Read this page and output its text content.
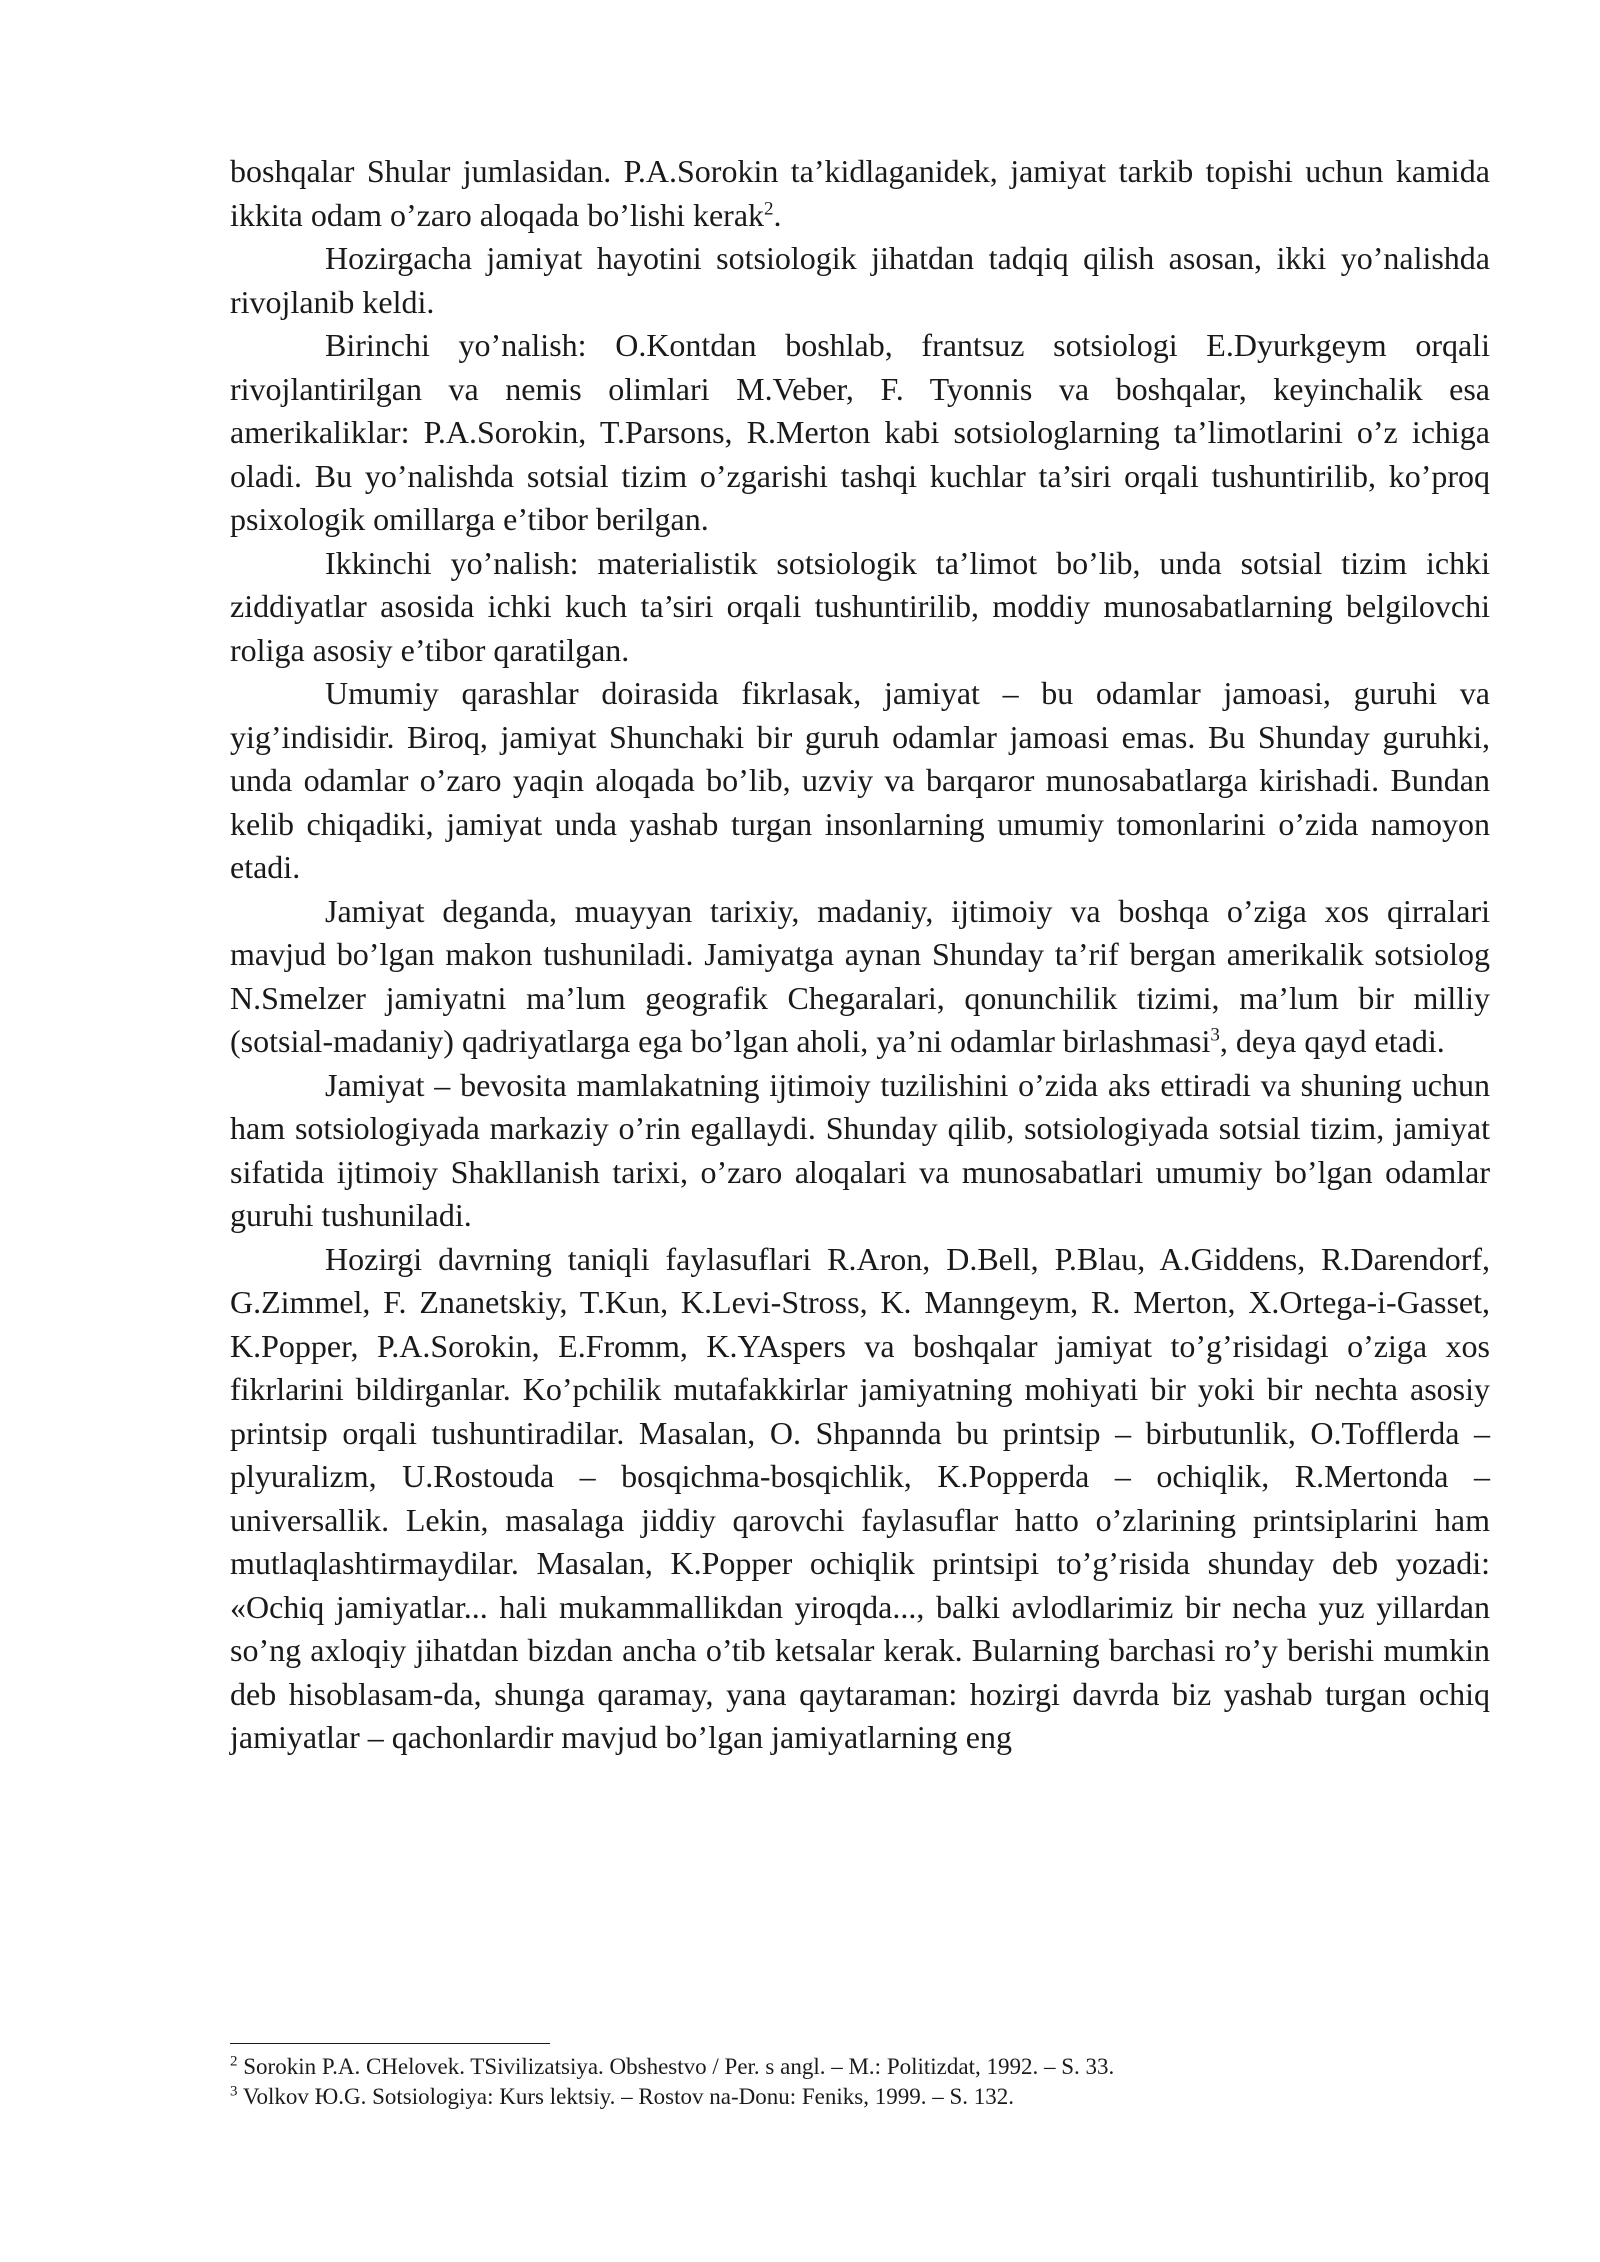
boshqalar Shular jumlasidan. P.A.Sorokin ta’kidlaganidek, jamiyat tarkib topishi uchun kamida ikkita odam o’zaro aloqada bo’lishi kerak$^2$.

Hozirgacha jamiyat hayotini sotsiologik jihatdan tadqiq qilish asosan, ikki yo’nalishda rivojlanib keldi.

Birinchi yo’nalish: O.Kontdan boshlab, frantsuz sotsiologi E.Dyurkgeym orqali rivojlantirilgan va nemis olimlari M.Veber, F. Tyonnis va boshqalar, keyinchalik esa amerikaliklar: P.A.Sorokin, T.Parsons, R.Merton kabi sotsiologlarning ta’limotlarini o’z ichiga oladi. Bu yo’nalishda sotsial tizim o’zgarishi tashqi kuchlar ta’siri orqali tushuntirilib, ko’proq psixologik omillarga e’tibor berilgan.

Ikkinchi yo’nalish: materialistik sotsiologik ta’limot bo’lib, unda sotsial tizim ichki ziddiyatlar asosida ichki kuch ta’siri orqali tushuntirilib, moddiy munosabatlarning belgilovchi roliga asosiy e’tibor qaratilgan.

Umumiy qarashlar doirasida fikrlasak, jamiyat – bu odamlar jamoasi, guruhi va yig’indisidir. Biroq, jamiyat Shunchaki bir guruh odamlar jamoasi emas. Bu Shunday guruhki, unda odamlar o’zaro yaqin aloqada bo’lib, uzviy va barqaror munosabatlarga kirishadi. Bundan kelib chiqadiki, jamiyat unda yashab turgan insonlarning umumiy tomonlarini o’zida namoyon etadi.

Jamiyat deganda, muayyan tarixiy, madaniy, ijtimoiy va boshqa o’ziga xos qirralari mavjud bo’lgan makon tushuniladi. Jamiyatga aynan Shunday ta’rif bergan amerikalik sotsiolog N.Smelzer jamiyatni ma’lum geografik Chegaralari, qonunchilik tizimi, ma’lum bir milliy (sotsial-madaniy) qadriyatlarga ega bo’lgan aholi, ya’ni odamlar birlashmasi$^3$, deya qayd etadi.

Jamiyat – bevosita mamlakatning ijtimoiy tuzilishini o’zida aks ettiradi va shuning uchun ham sotsiologiyada markaziy o’rin egallaydi. Shunday qilib, sotsiologiyada sotsial tizim, jamiyat sifatida ijtimoiy Shakllanish tarixi, o’zaro aloqalari va munosabatlari umumiy bo’lgan odamlar guruhi tushuniladi.

Hozirgi davrning taniqli faylasuflari R.Aron, D.Bell, P.Blau, A.Giddens, R.Darendorf, G.Zimmel, F. Znanetskiy, T.Kun, K.Levi-Stross, K. Manngeym, R. Merton, X.Ortega-i-Gasset, K.Popper, P.A.Sorokin, E.Fromm, K.YAspers va boshqalar jamiyat to’g’risidagi o’ziga xos fikrlarini bildirganlar. Ko’pchilik mutafakkirlar jamiyatning mohiyati bir yoki bir nechta asosiy printsip orqali tushuntiradilar. Masalan, O. Shpannda bu printsip – birbutunlik, O.Tofflerda – plyuralizm, U.Rostouda – bosqichma-bosqichlik, K.Popperda – ochiqlik, R.Mertonda – universallik. Lekin, masalaga jiddiy qarovchi faylasuflar hatto o’zlarining printsiplarini ham mutlaqlashtirmaydilar. Masalan, K.Popper ochiqlik printsipi to’g’risida shunday deb yozadi: «Ochiq jamiyatlar... hali mukammallikdan yiroqda..., balki avlodlarimiz bir necha yuz yillardan so’ng axloqiy jihatdan bizdan ancha o’tib ketsalar kerak. Bularning barchasi ro’y berishi mumkin deb hisoblasam-da, shunga qaramay, yana qaytaraman: hozirgi davrda biz yashab turgan ochiq jamiyatlar – qachonlardir mavjud bo’lgan jamiyatlarning eng

$^2$ Sorokin P.A. CHelovek. TSivilizatsiya. Obshestvo / Per. s angl. – M.: Politizdat, 1992. – S. 33.

$^3$ Volkov Ю.G. Sotsiologiya: Kurs lektsiy. – Rostov na-Donu: Feniks, 1999. – S. 132.
